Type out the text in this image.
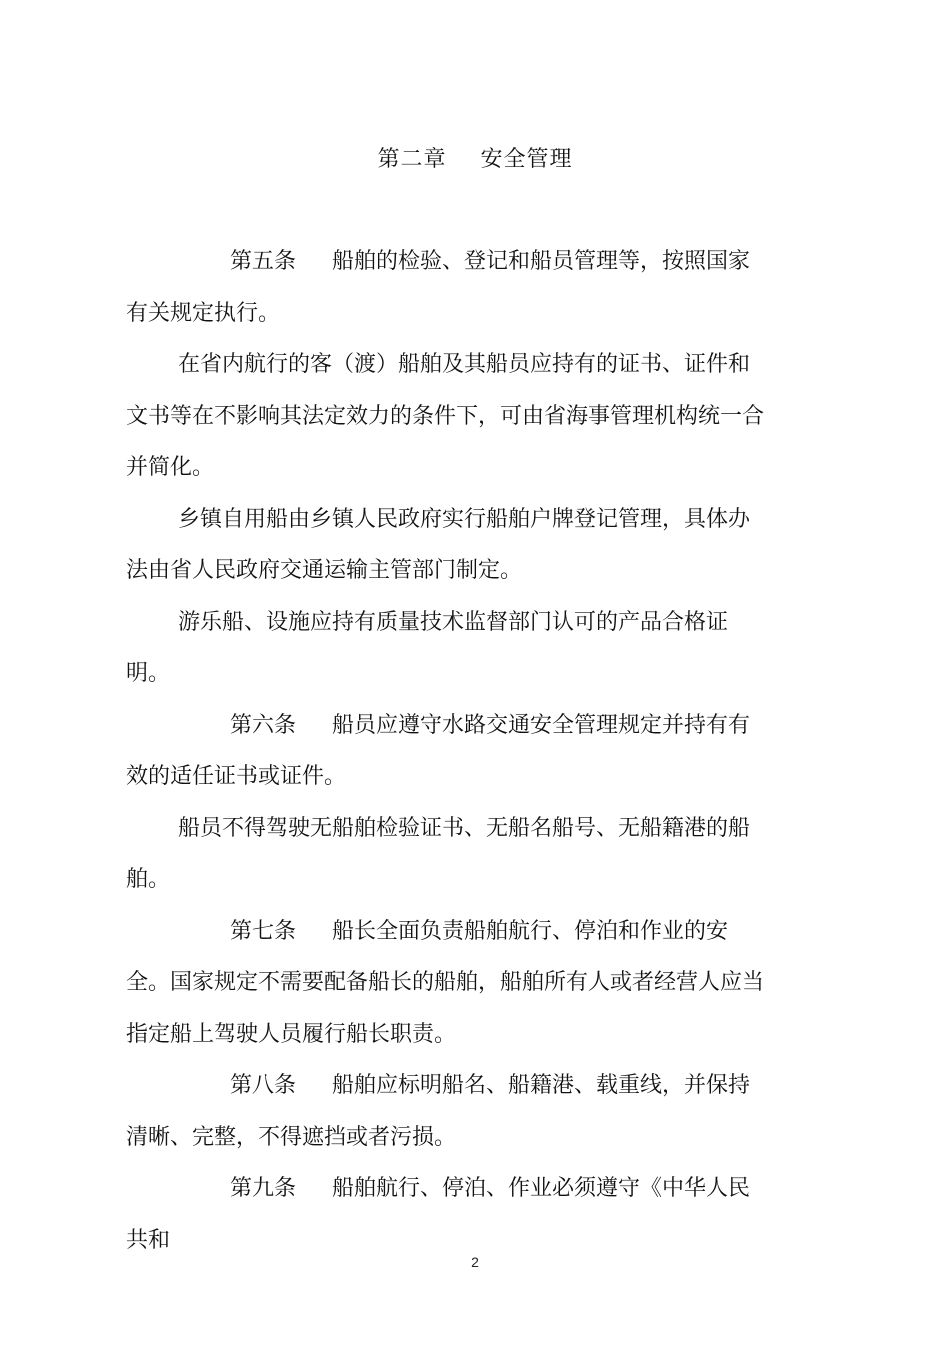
第二章 安全管理

第五条 船舶的检验、登记和船员管理等，按照国家有关规定执行。

在省内航行的客（渡）船舶及其船员应持有的证书、证件和文书等在不影响其法定效力的条件下，可由省海事管理机构统一合并简化。

乡镇自用船由乡镇人民政府实行船舶户牌登记管理，具体办法由省人民政府交通运输主管部门制定。

游乐船、设施应持有质量技术监督部门认可的产品合格证明。

第六条 船员应遵守水路交通安全管理规定并持有有效的适任证书或证件。

船员不得驾驶无船舶检验证书、无船名船号、无船籍港的船舶。

第七条 船长全面负责船舶航行、停泊和作业的安全。国家规定不需要配备船长的船舶，船舶所有人或者经营人应当指定船上驾驶人员履行船长职责。

第八条 船舶应标明船名、船籍港、载重线，并保持清晰、完整，不得遮挡或者污损。

第九条 船舶航行、停泊、作业必须遵守《中华人民共和

2
